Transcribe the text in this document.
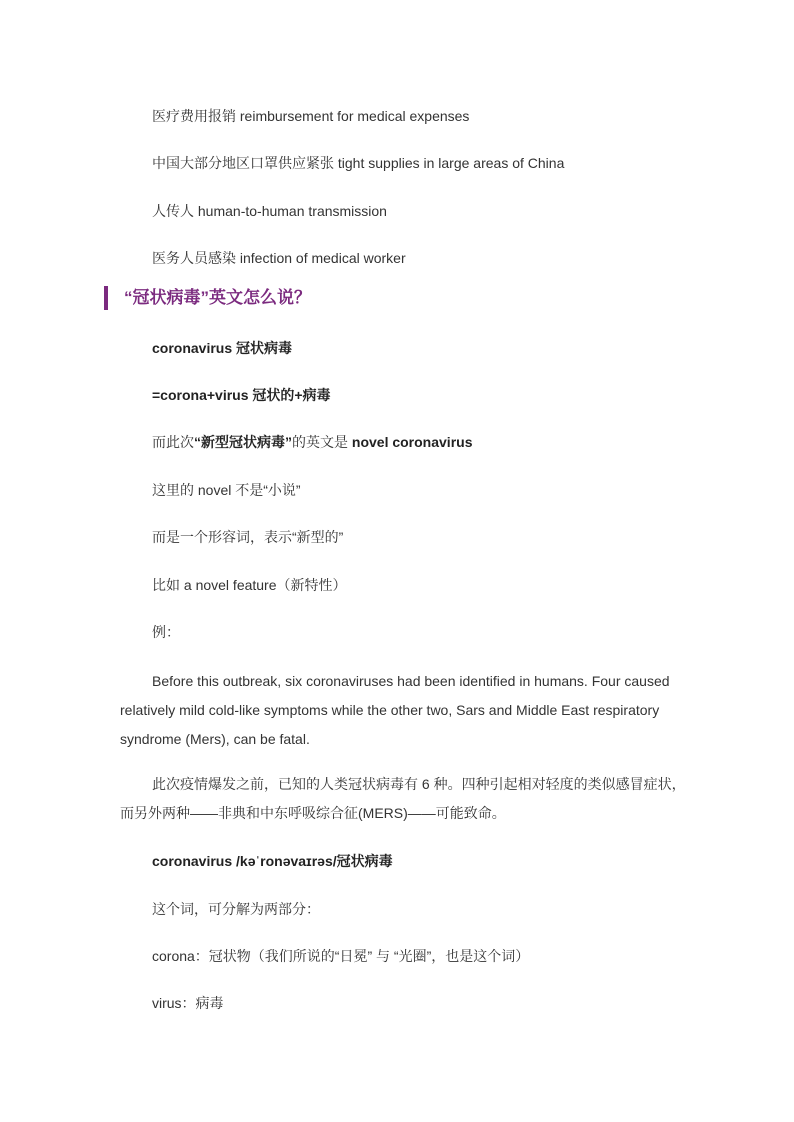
医疗费用报销 reimbursement for medical expenses
中国大部分地区口罩供应紧张 tight supplies in large areas of China
人传人 human-to-human transmission
医务人员感染 infection of medical worker
“冠状病毒”英文怎么说？
coronavirus 冠状病毒
=corona+virus 冠状的+病毒
而此次“新型冠状病毒”的英文是 novel coronavirus
这里的 novel 不是“小说”
而是一个形容词，表示“新型的”
比如 a novel feature（新特性）
例：
Before this outbreak, six coronaviruses had been identified in humans. Four caused relatively mild cold-like symptoms while the other two, Sars and Middle East respiratory syndrome (Mers), can be fatal.
此次疫情爆发之前，已知的人类冠状病毒有 6 种。四种引起相对轻度的类似感冒症状，而另外两种——非典和中东呼吸综合征(MERS)——可能致命。
coronavirus /kəˈronəvaɪrəs/冠状病毒
这个词，可分解为两部分：
corona：冠状物（我们所说的“日冕” 与 “光圈”，也是这个词）
virus：病毒
